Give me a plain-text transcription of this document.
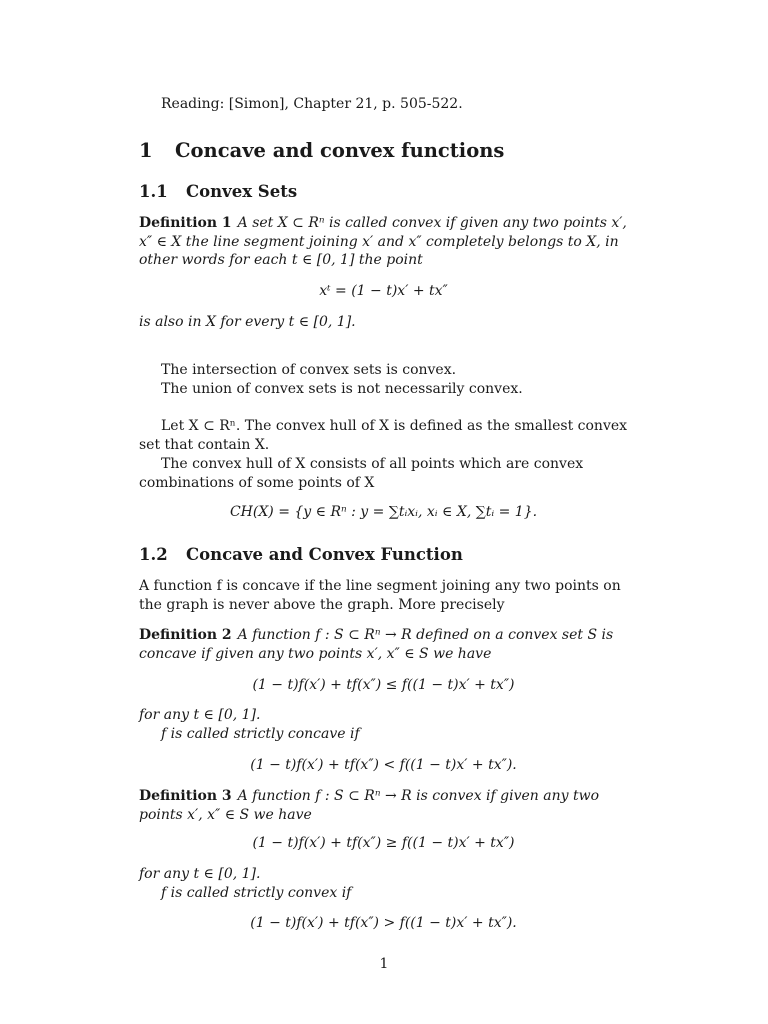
Reading: [Simon], Chapter 21, p. 505-522.
1 Concave and convex functions
1.1 Convex Sets
Definition 1 A set X ⊂ Rⁿ is called convex if given any two points x′, x″ ∈ X the line segment joining x′ and x″ completely belongs to X, in other words for each t ∈ [0, 1] the point
xᵗ = (1 − t)x′ + tx″
is also in X for every t ∈ [0, 1].
The intersection of convex sets is convex.
The union of convex sets is not necessarily convex.
Let X ⊂ Rⁿ. The convex hull of X is defined as the smallest convex set that contain X.
The convex hull of X consists of all points which are convex combinations of some points of X
CH(X) = {y ∈ Rⁿ : y = ∑tᵢxᵢ, xᵢ ∈ X, ∑tᵢ = 1}.
1.2 Concave and Convex Function
A function f is concave if the line segment joining any two points on the graph is never above the graph. More precisely
Definition 2 A function f : S ⊂ Rⁿ → R defined on a convex set S is concave if given any two points x′, x″ ∈ S we have
(1 − t)f(x′) + tf(x″) ≤ f((1 − t)x′ + tx″)
for any t ∈ [0, 1].
f is called strictly concave if
(1 − t)f(x′) + tf(x″) < f((1 − t)x′ + tx″).
Definition 3 A function f : S ⊂ Rⁿ → R is convex if given any two points x′, x″ ∈ S we have
(1 − t)f(x′) + tf(x″) ≥ f((1 − t)x′ + tx″)
for any t ∈ [0, 1].
f is called strictly convex if
(1 − t)f(x′) + tf(x″) > f((1 − t)x′ + tx″).
1
